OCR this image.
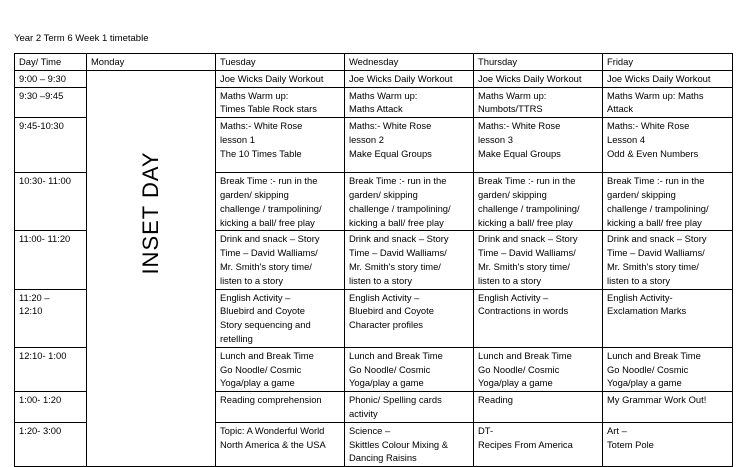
Year 2 Term 6 Week 1 timetable
Day/ Time	Monday	Tuesday	Wednesday	Thursday	Friday
9:00 – 9:30	INSET DAY	Joe Wicks Daily Workout	Joe Wicks Daily Workout	Joe Wicks Daily Workout	Joe Wicks Daily Workout

9:30 –9:45		Maths Warm up:
Times Table Rock stars	Maths Warm up:
Maths Attack	Maths Warm up:
Numbots/TTRS	Maths Warm up: Maths
Attack

9:45-10:30		Maths:- White Rose
lesson 1
The 10 Times Table	Maths:- White Rose
lesson 2
Make Equal Groups	Maths:- White Rose
lesson 3
Make Equal Groups	Maths:- White Rose
Lesson 4
Odd & Even Numbers

10:30- 11:00		Break Time :- run in the
garden/ skipping
challenge / trampolining/
kicking a ball/ free play	Break Time :- run in the
garden/ skipping
challenge / trampolining/
kicking a ball/ free play	Break Time :- run in the
garden/ skipping
challenge / trampolining/
kicking a ball/ free play	Break Time :- run in the
garden/ skipping
challenge / trampolining/
kicking a ball/ free play

11:00- 11:20		Drink and snack – Story
Time – David Walliams/
Mr. Smith's story time/
listen to a story	Drink and snack – Story
Time – David Walliams/
Mr. Smith's story time/
listen to a story	Drink and snack – Story
Time – David Walliams/
Mr. Smith's story time/
listen to a story	Drink and snack – Story
Time – David Walliams/
Mr. Smith's story time/
listen to a story

11:20 –
12:10		English Activity –
Bluebird and Coyote
Story sequencing and
retelling	English Activity –
Bluebird and Coyote
Character profiles	English Activity –
Contractions in words	English Activity-
Exclamation Marks

12:10- 1:00		Lunch and Break Time
Go Noodle/ Cosmic
Yoga/play a game	Lunch and Break Time
Go Noodle/ Cosmic
Yoga/play a game	Lunch and Break Time
Go Noodle/ Cosmic
Yoga/play a game	Lunch and Break Time
Go Noodle/ Cosmic
Yoga/play a game

1:00- 1:20		Reading comprehension	Phonic/ Spelling cards
activity	Reading	My Grammar Work Out!

1:20- 3:00		Topic: A Wonderful World
North America & the USA	Science –
Skittles Colour Mixing &
Dancing Raisins	DT-
Recipes From America	Art –
Totem Pole
